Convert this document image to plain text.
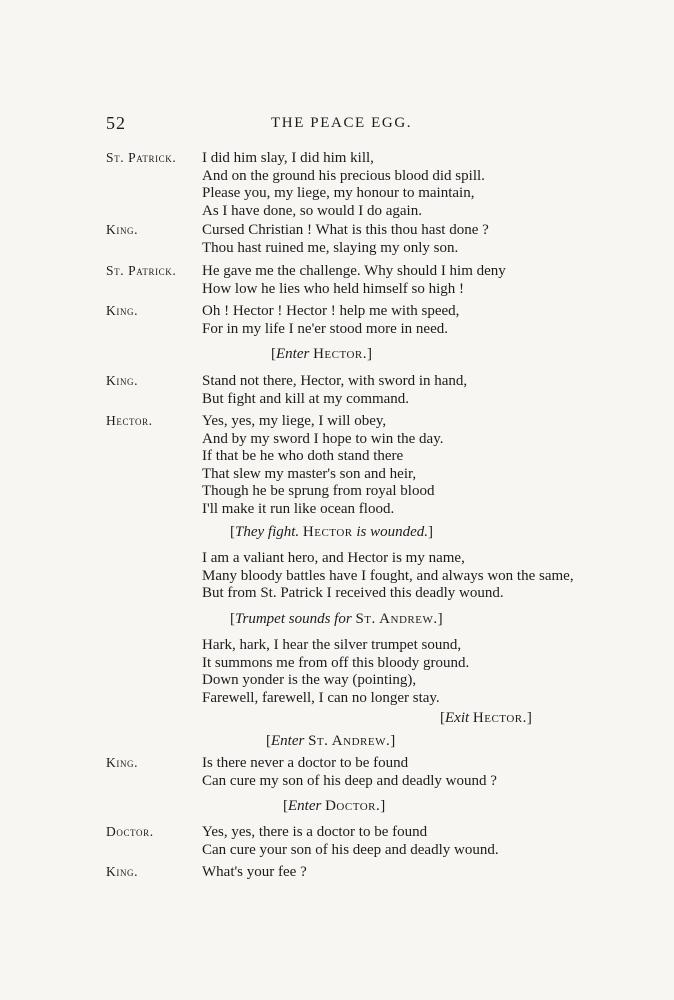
52	THE PEACE EGG.
St. Patrick. I did him slay, I did him kill,
And on the ground his precious blood did spill.
Please you, my liege, my honour to maintain,
As I have done, so would I do again.
King.	Cursed Christian ! What is this thou hast done ?
Thou hast ruined me, slaying my only son.
St. Patrick. He gave me the challenge. Why should I him deny
How low he lies who held himself so high !
King.	Oh ! Hector ! Hector ! help me with speed,
For in my life I ne'er stood more in need.
[Enter Hector.]
King.	Stand not there, Hector, with sword in hand,
But fight and kill at my command.
Hector.	Yes, yes, my liege, I will obey,
And by my sword I hope to win the day.
If that be he who doth stand there
That slew my master's son and heir,
Though he be sprung from royal blood
I'll make it run like ocean flood.
[They fight. Hector is wounded.]
I am a valiant hero, and Hector is my name,
Many bloody battles have I fought, and always won the same,
But from St. Patrick I received this deadly wound.
[Trumpet sounds for St. Andrew.]
Hark, hark, I hear the silver trumpet sound,
It summons me from off this bloody ground.
Down yonder is the way (pointing),
Farewell, farewell, I can no longer stay.
[Exit Hector.]
[Enter St. Andrew.]
King.	Is there never a doctor to be found
Can cure my son of his deep and deadly wound ?
[Enter Doctor.]
Doctor.	Yes, yes, there is a doctor to be found
Can cure your son of his deep and deadly wound.
King.	What's your fee ?
